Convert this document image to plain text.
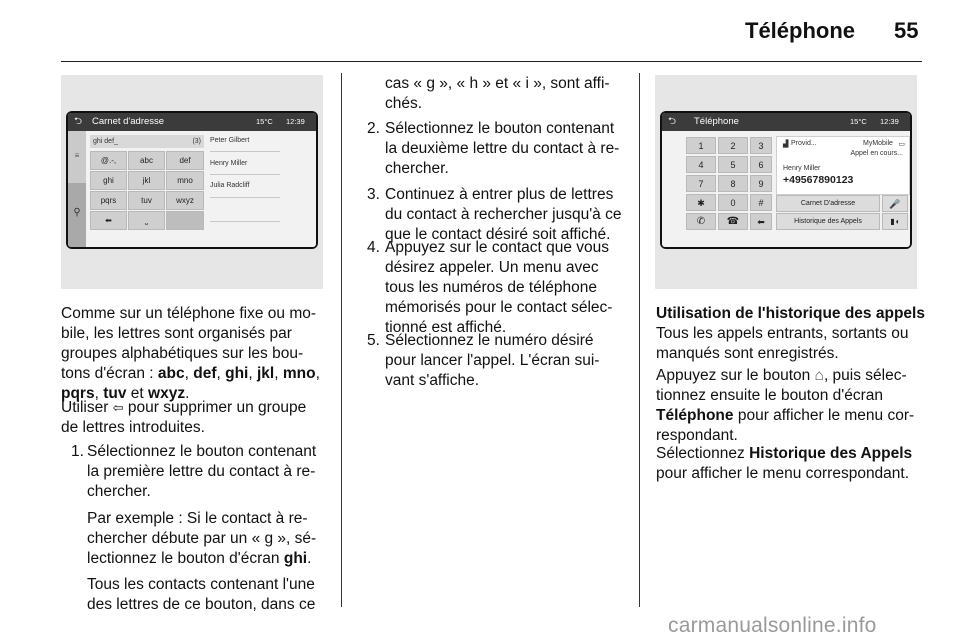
Téléphone 55
⮌ Carnet d'adresse	15°C 12:39
≡
⚲
ghi def_	(3)
@.-,	abc	def
ghi	jkl	mno
pqrs	tuv	wxyz
⬅	⎵
Peter Gilbert
Henry Miller
Julia Radcliff
⮌ Téléphone	15°C 12:39
1	2	3
4	5	6
7	8	9
✱	0	#
✆	☎	⬅
▟ Provid...	MyMobile ▭
Appel en cours...
Henry Miller
+49567890123
Carnet D'adresse	🎤
Historique des Appels	▮◖
Comme sur un téléphone fixe ou mo-
bile, les lettres sont organisés par
groupes alphabétiques sur les bou-
tons d'écran : abc, def, ghi, jkl, mno,
pqrs, tuv et wxyz.
Utiliser ⇦ pour supprimer un groupe
de lettres introduites.
1. Sélectionnez le bouton contenant
la première lettre du contact à re-
chercher.
Par exemple : Si le contact à re-
chercher débute par un « g », sé-
lectionnez le bouton d'écran ghi.
Tous les contacts contenant l'une
des lettres de ce bouton, dans ce
cas « g », « h » et « i », sont affi-
chés.
2. Sélectionnez le bouton contenant
la deuxième lettre du contact à re-
chercher.
3. Continuez à entrer plus de lettres
du contact à rechercher jusqu'à ce
que le contact désiré soit affiché.
4. Appuyez sur le contact que vous
désirez appeler. Un menu avec
tous les numéros de téléphone
mémorisés pour le contact sélec-
tionné est affiché.
5. Sélectionnez le numéro désiré
pour lancer l'appel. L'écran sui-
vant s'affiche.
Utilisation de l'historique des appels
Tous les appels entrants, sortants ou
manqués sont enregistrés.
Appuyez sur le bouton ⌂, puis sélec-
tionnez ensuite le bouton d'écran
Téléphone pour afficher le menu cor-
respondant.
Sélectionnez Historique des Appels
pour afficher le menu correspondant.
carmanualsonline.info
